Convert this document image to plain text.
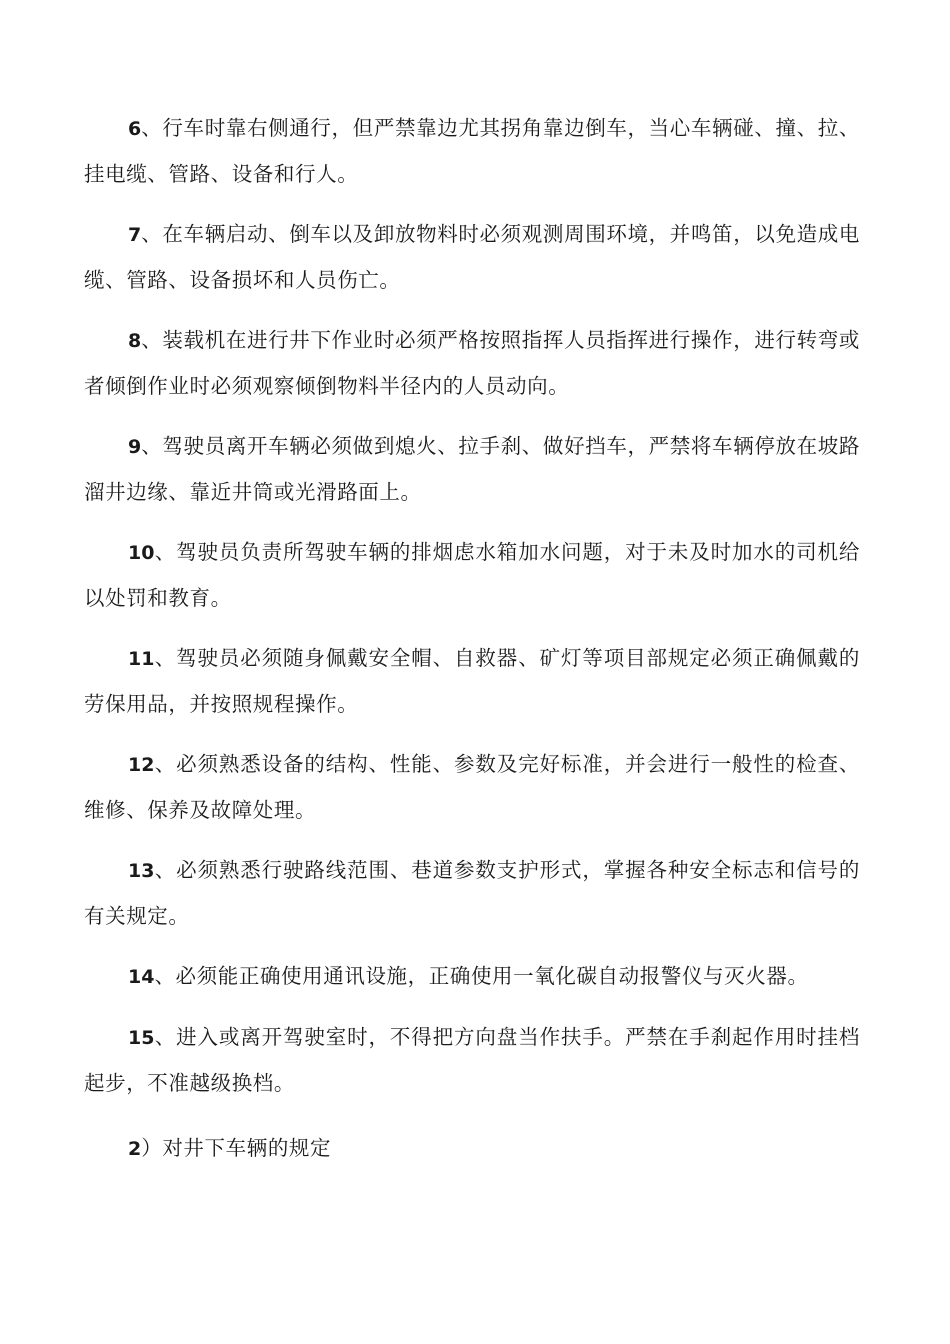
6、行车时靠右侧通行，但严禁靠边尤其拐角靠边倒车，当心车辆碰、撞、拉、挂电缆、管路、设备和行人。

7、在车辆启动、倒车以及卸放物料时必须观测周围环境，并鸣笛，以免造成电缆、管路、设备损坏和人员伤亡。

8、装载机在进行井下作业时必须严格按照指挥人员指挥进行操作，进行转弯或者倾倒作业时必须观察倾倒物料半径内的人员动向。

9、驾驶员离开车辆必须做到熄火、拉手刹、做好挡车，严禁将车辆停放在坡路溜井边缘、靠近井筒或光滑路面上。

10、驾驶员负责所驾驶车辆的排烟虑水箱加水问题，对于未及时加水的司机给以处罚和教育。

11、驾驶员必须随身佩戴安全帽、自救器、矿灯等项目部规定必须正确佩戴的劳保用品，并按照规程操作。

12、必须熟悉设备的结构、性能、参数及完好标准，并会进行一般性的检查、维修、保养及故障处理。

13、必须熟悉行驶路线范围、巷道参数支护形式，掌握各种安全标志和信号的有关规定。

14、必须能正确使用通讯设施，正确使用一氧化碳自动报警仪与灭火器。

15、进入或离开驾驶室时，不得把方向盘当作扶手。严禁在手刹起作用时挂档起步，不准越级换档。

2）对井下车辆的规定
